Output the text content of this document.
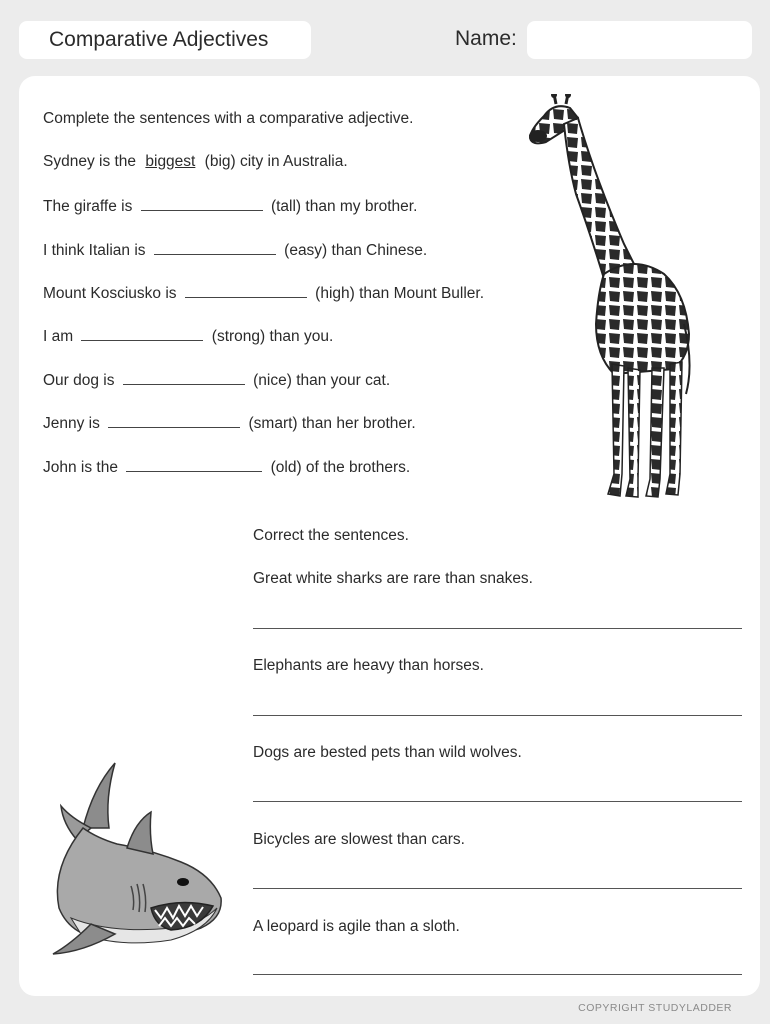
Comparative Adjectives	Name:
Complete the sentences with a comparative adjective.
Sydney is the biggest (big) city in Australia.
The giraffe is	(tall) than my brother.
I think Italian is	(easy) than Chinese.
Mount Kosciusko is	(high) than Mount Buller.
I am	(strong) than you.
Our dog is	(nice) than your cat.
Jenny is	(smart) than her brother.
John is the	(old) of the brothers.
Correct the sentences.
Great white sharks are rare than snakes.
Elephants are heavy than horses.
Dogs are bested pets than wild wolves.
Bicycles are slowest than cars.
A leopard is agile than a sloth.
COPYRIGHT STUDYLADDER
